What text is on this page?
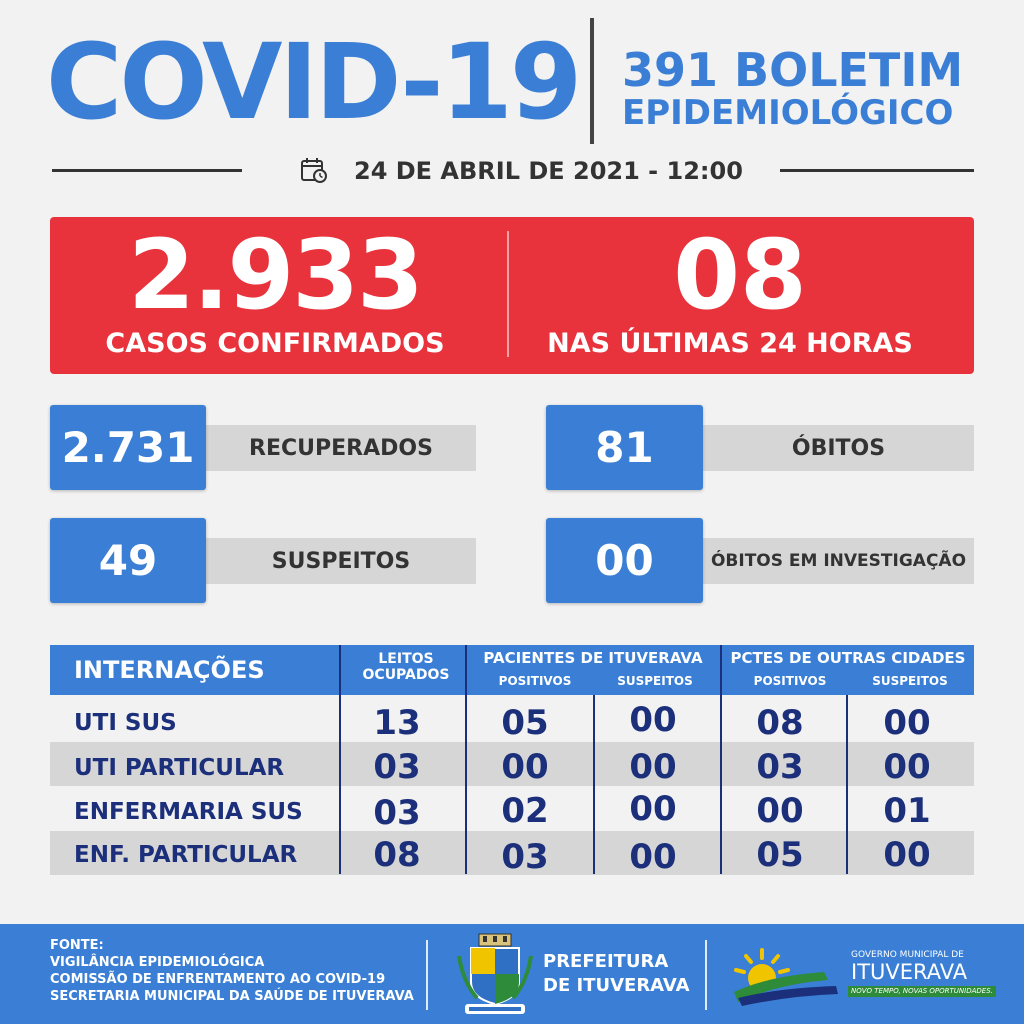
COVID-19 391 BOLETIM
EPIDEMIOLÓGICO
24 DE ABRIL DE 2021 - 12:00
2.933
CASOS CONFIRMADOS
08
NAS ÚLTIMAS 24 HORAS
RECUPERADOS
2.731	ÓBITOS
81
SUSPEITOS
49	ÓBITOS EM INVESTIGAÇÃO
00
INTERNAÇÕES	LEITOS OCUPADOS
PACIENTES DE ITUVERAVA
POSITIVOS	SUSPEITOS
PCTES DE OUTRAS CIDADES
POSITIVOS	SUSPEITOS
UTI SUS	13	05	00	08	00
UTI PARTICULAR	03	00	00	03	00
ENFERMARIA SUS	03	02	00	00	01
ENF. PARTICULAR	08	03	00	05	00
FONTE:
VIGILÂNCIA EPIDEMIOLÓGICA
COMISSÃO DE ENFRENTAMENTO AO COVID-19
SECRETARIA MUNICIPAL DA SAÚDE DE ITUVERAVA
PREFEITURA
DE ITUVERAVA
GOVERNO MUNICIPAL DE
ITUVERAVA
NOVO TEMPO, NOVAS OPORTUNIDADES.
